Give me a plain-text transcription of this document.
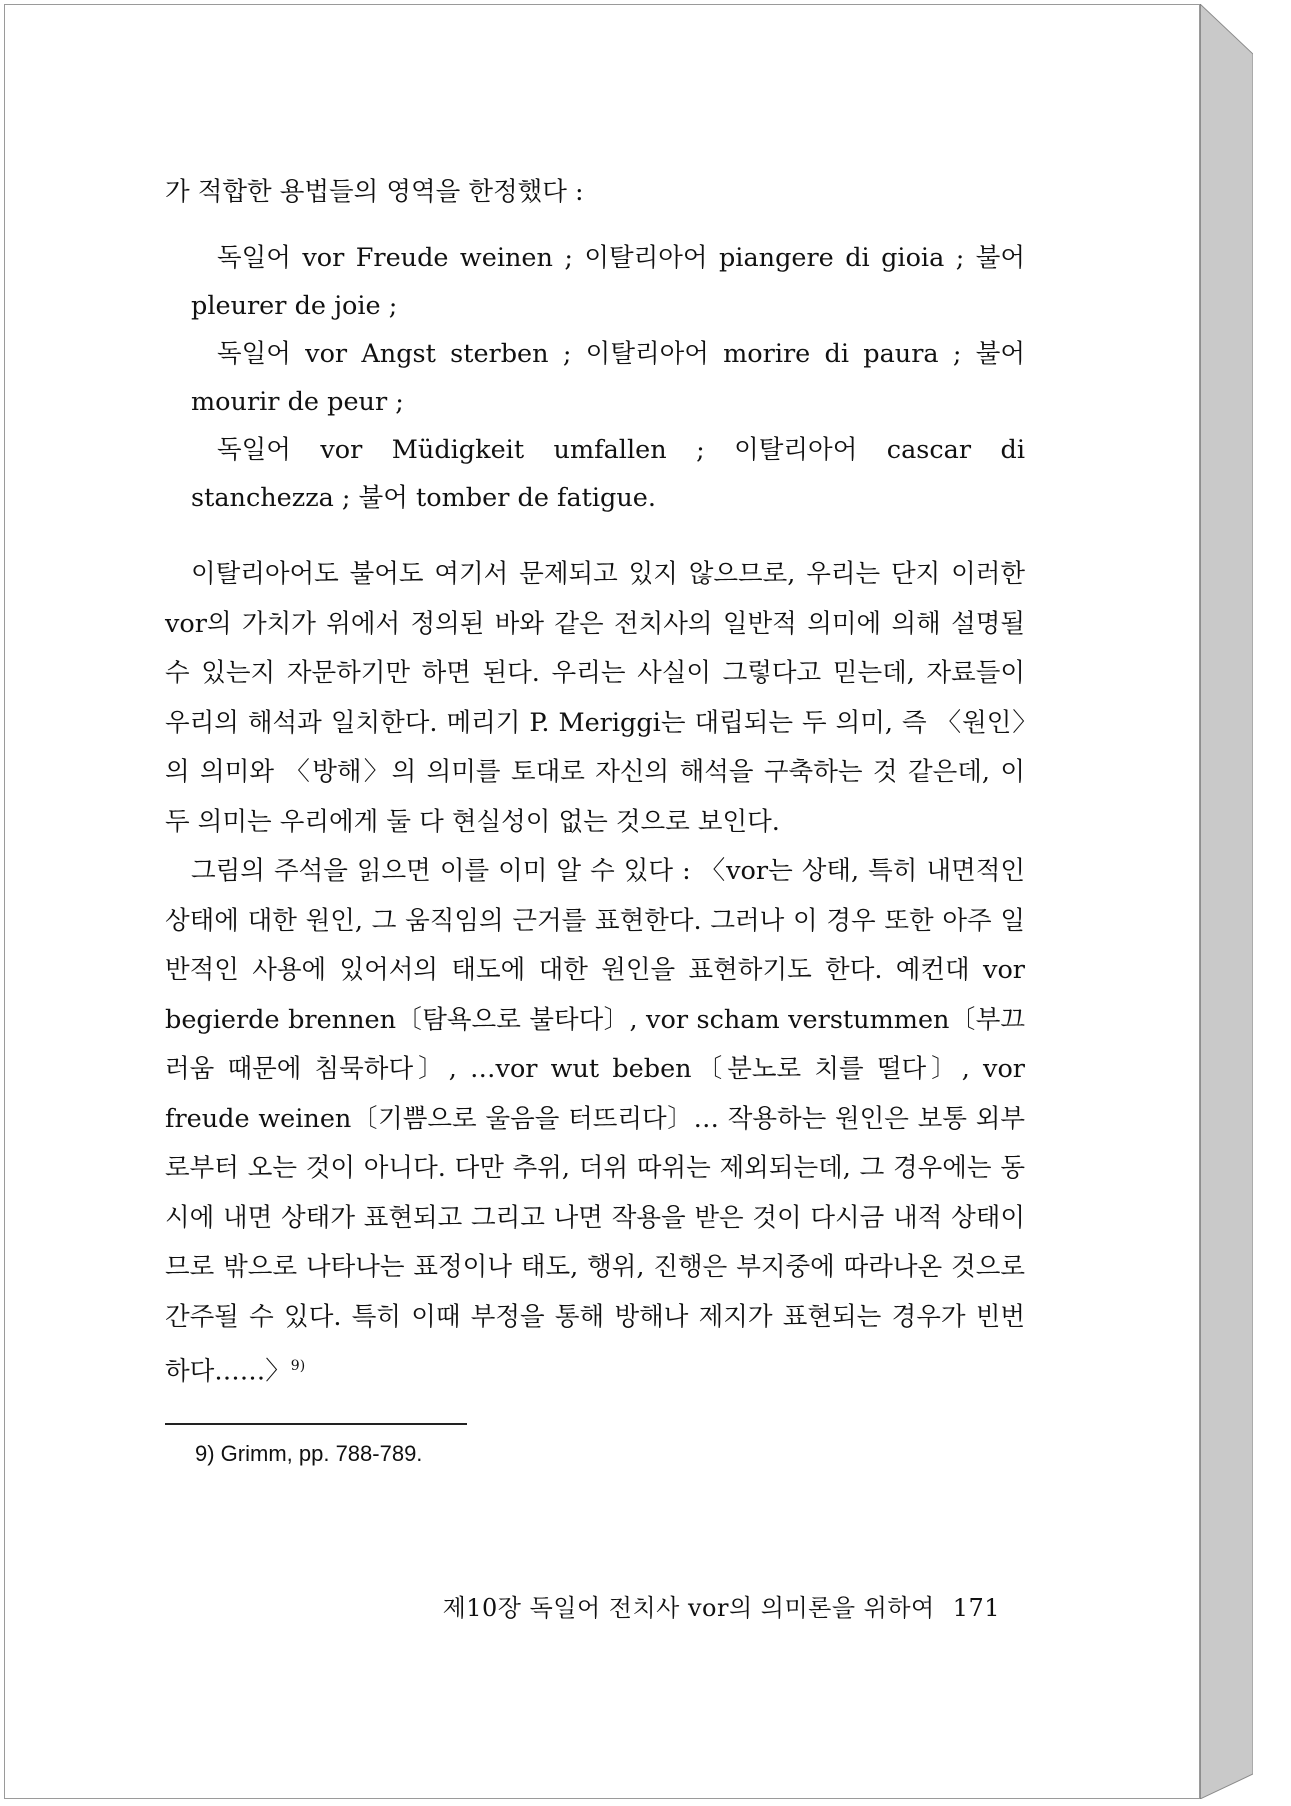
가 적합한 용법들의 영역을 한정했다 :

독일어 vor Freude weinen ; 이탈리아어 piangere di gioia ; 불어 pleurer de joie ;

독일어 vor Angst sterben ; 이탈리아어 morire di paura ; 불어 mourir de peur ;

독일어 vor Müdigkeit umfallen ; 이탈리아어 cascar di stanchezza ; 불어 tomber de fatigue.

이탈리아어도 불어도 여기서 문제되고 있지 않으므로, 우리는 단지 이러한 vor의 가치가 위에서 정의된 바와 같은 전치사의 일반적 의미에 의해 설명될 수 있는지 자문하기만 하면 된다. 우리는 사실이 그렇다고 믿는데, 자료들이 우리의 해석과 일치한다. 메리기 P. Meriggi는 대립되는 두 의미, 즉 〈원인〉의 의미와 〈방해〉의 의미를 토대로 자신의 해석을 구축하는 것 같은데, 이 두 의미는 우리에게 둘 다 현실성이 없는 것으로 보인다.

그림의 주석을 읽으면 이를 이미 알 수 있다 : 〈vor는 상태, 특히 내면적인 상태에 대한 원인, 그 움직임의 근거를 표현한다. 그러나 이 경우 또한 아주 일반적인 사용에 있어서의 태도에 대한 원인을 표현하기도 한다. 예컨대 vor begierde brennen〔탐욕으로 불타다〕, vor scham verstummen〔부끄러움 때문에 침묵하다〕, …vor wut beben〔분노로 치를 떨다〕, vor freude weinen〔기쁨으로 울음을 터뜨리다〕… 작용하는 원인은 보통 외부로부터 오는 것이 아니다. 다만 추위, 더위 따위는 제외되는데, 그 경우에는 동시에 내면 상태가 표현되고 그리고 나면 작용을 받은 것이 다시금 내적 상태이므로 밖으로 나타나는 표정이나 태도, 행위, 진행은 부지중에 따라나온 것으로 간주될 수 있다. 특히 이때 부정을 통해 방해나 제지가 표현되는 경우가 빈번하다……〉$^{9)}$

9) Grimm, pp. 788-789.
제10장 독일어 전치사 vor의 의미론을 위하여 171
